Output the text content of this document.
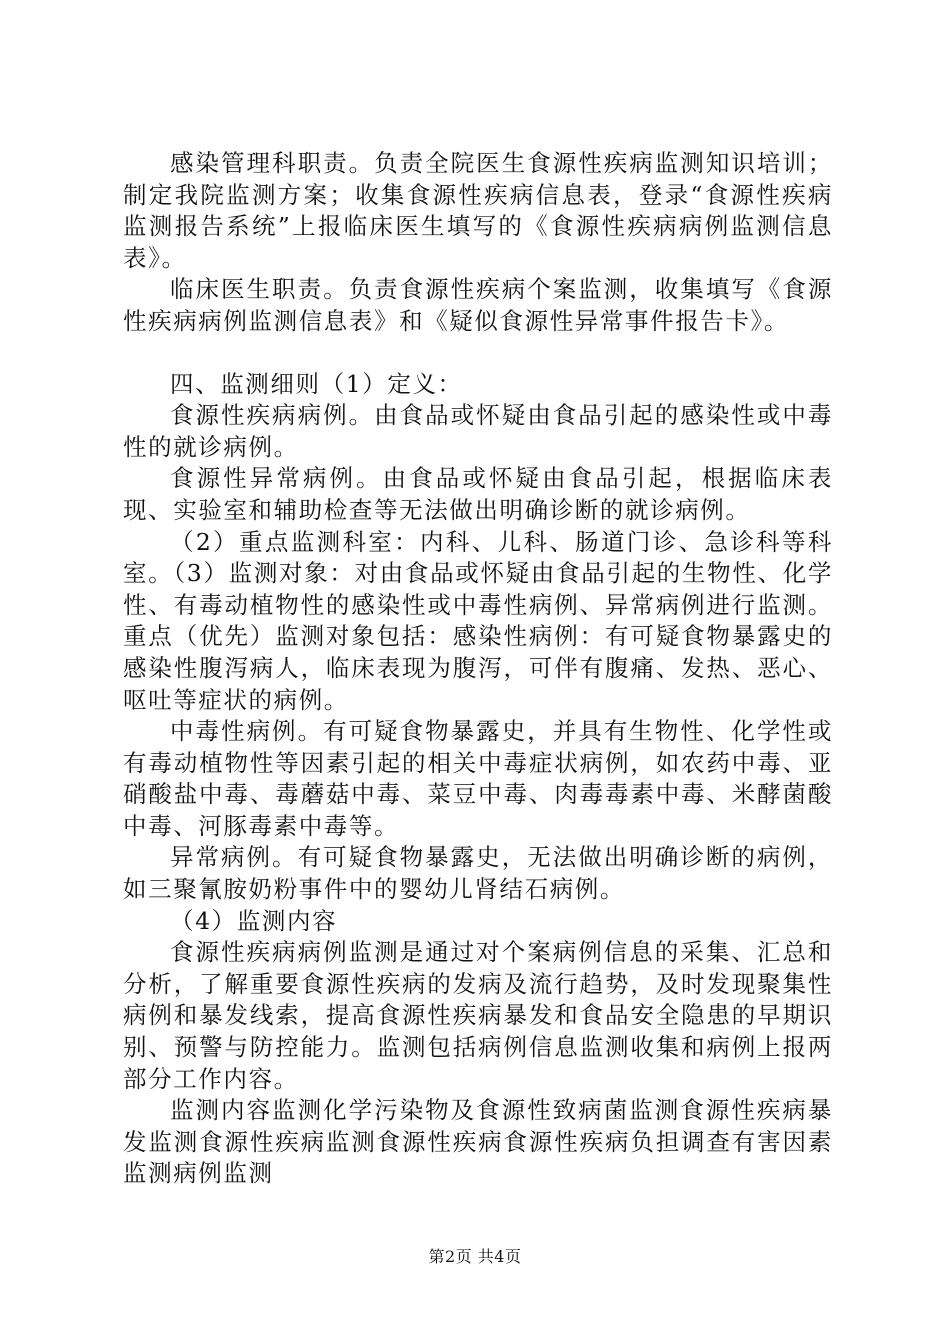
感染管理科职责。负责全院医生食源性疾病监测知识培训；制定我院监测方案；收集食源性疾病信息表，登录“食源性疾病监测报告系统”上报临床医生填写的《食源性疾病病例监测信息表》。

临床医生职责。负责食源性疾病个案监测，收集填写《食源性疾病病例监测信息表》和《疑似食源性异常事件报告卡》。

四、监测细则（1）定义：

食源性疾病病例。由食品或怀疑由食品引起的感染性或中毒性的就诊病例。

食源性异常病例。由食品或怀疑由食品引起，根据临床表现、实验室和辅助检查等无法做出明确诊断的就诊病例。

（2）重点监测科室：内科、儿科、肠道门诊、急诊科等科室。（3）监测对象：对由食品或怀疑由食品引起的生物性、化学性、有毒动植物性的感染性或中毒性病例、异常病例进行监测。重点（优先）监测对象包括：感染性病例：有可疑食物暴露史的感染性腹泻病人，临床表现为腹泻，可伴有腹痛、发热、恶心、呕吐等症状的病例。

中毒性病例。有可疑食物暴露史，并具有生物性、化学性或有毒动植物性等因素引起的相关中毒症状病例，如农药中毒、亚硝酸盐中毒、毒蘑菇中毒、菜豆中毒、肉毒毒素中毒、米酵菌酸中毒、河豚毒素中毒等。

异常病例。有可疑食物暴露史，无法做出明确诊断的病例，如三聚氰胺奶粉事件中的婴幼儿肾结石病例。

（4）监测内容

食源性疾病病例监测是通过对个案病例信息的采集、汇总和分析，了解重要食源性疾病的发病及流行趋势，及时发现聚集性病例和暴发线索，提高食源性疾病暴发和食品安全隐患的早期识别、预警与防控能力。监测包括病例信息监测收集和病例上报两部分工作内容。

监测内容监测化学污染物及食源性致病菌监测食源性疾病暴发监测食源性疾病监测食源性疾病食源性疾病负担调查有害因素监测病例监测

第2页 共4页
